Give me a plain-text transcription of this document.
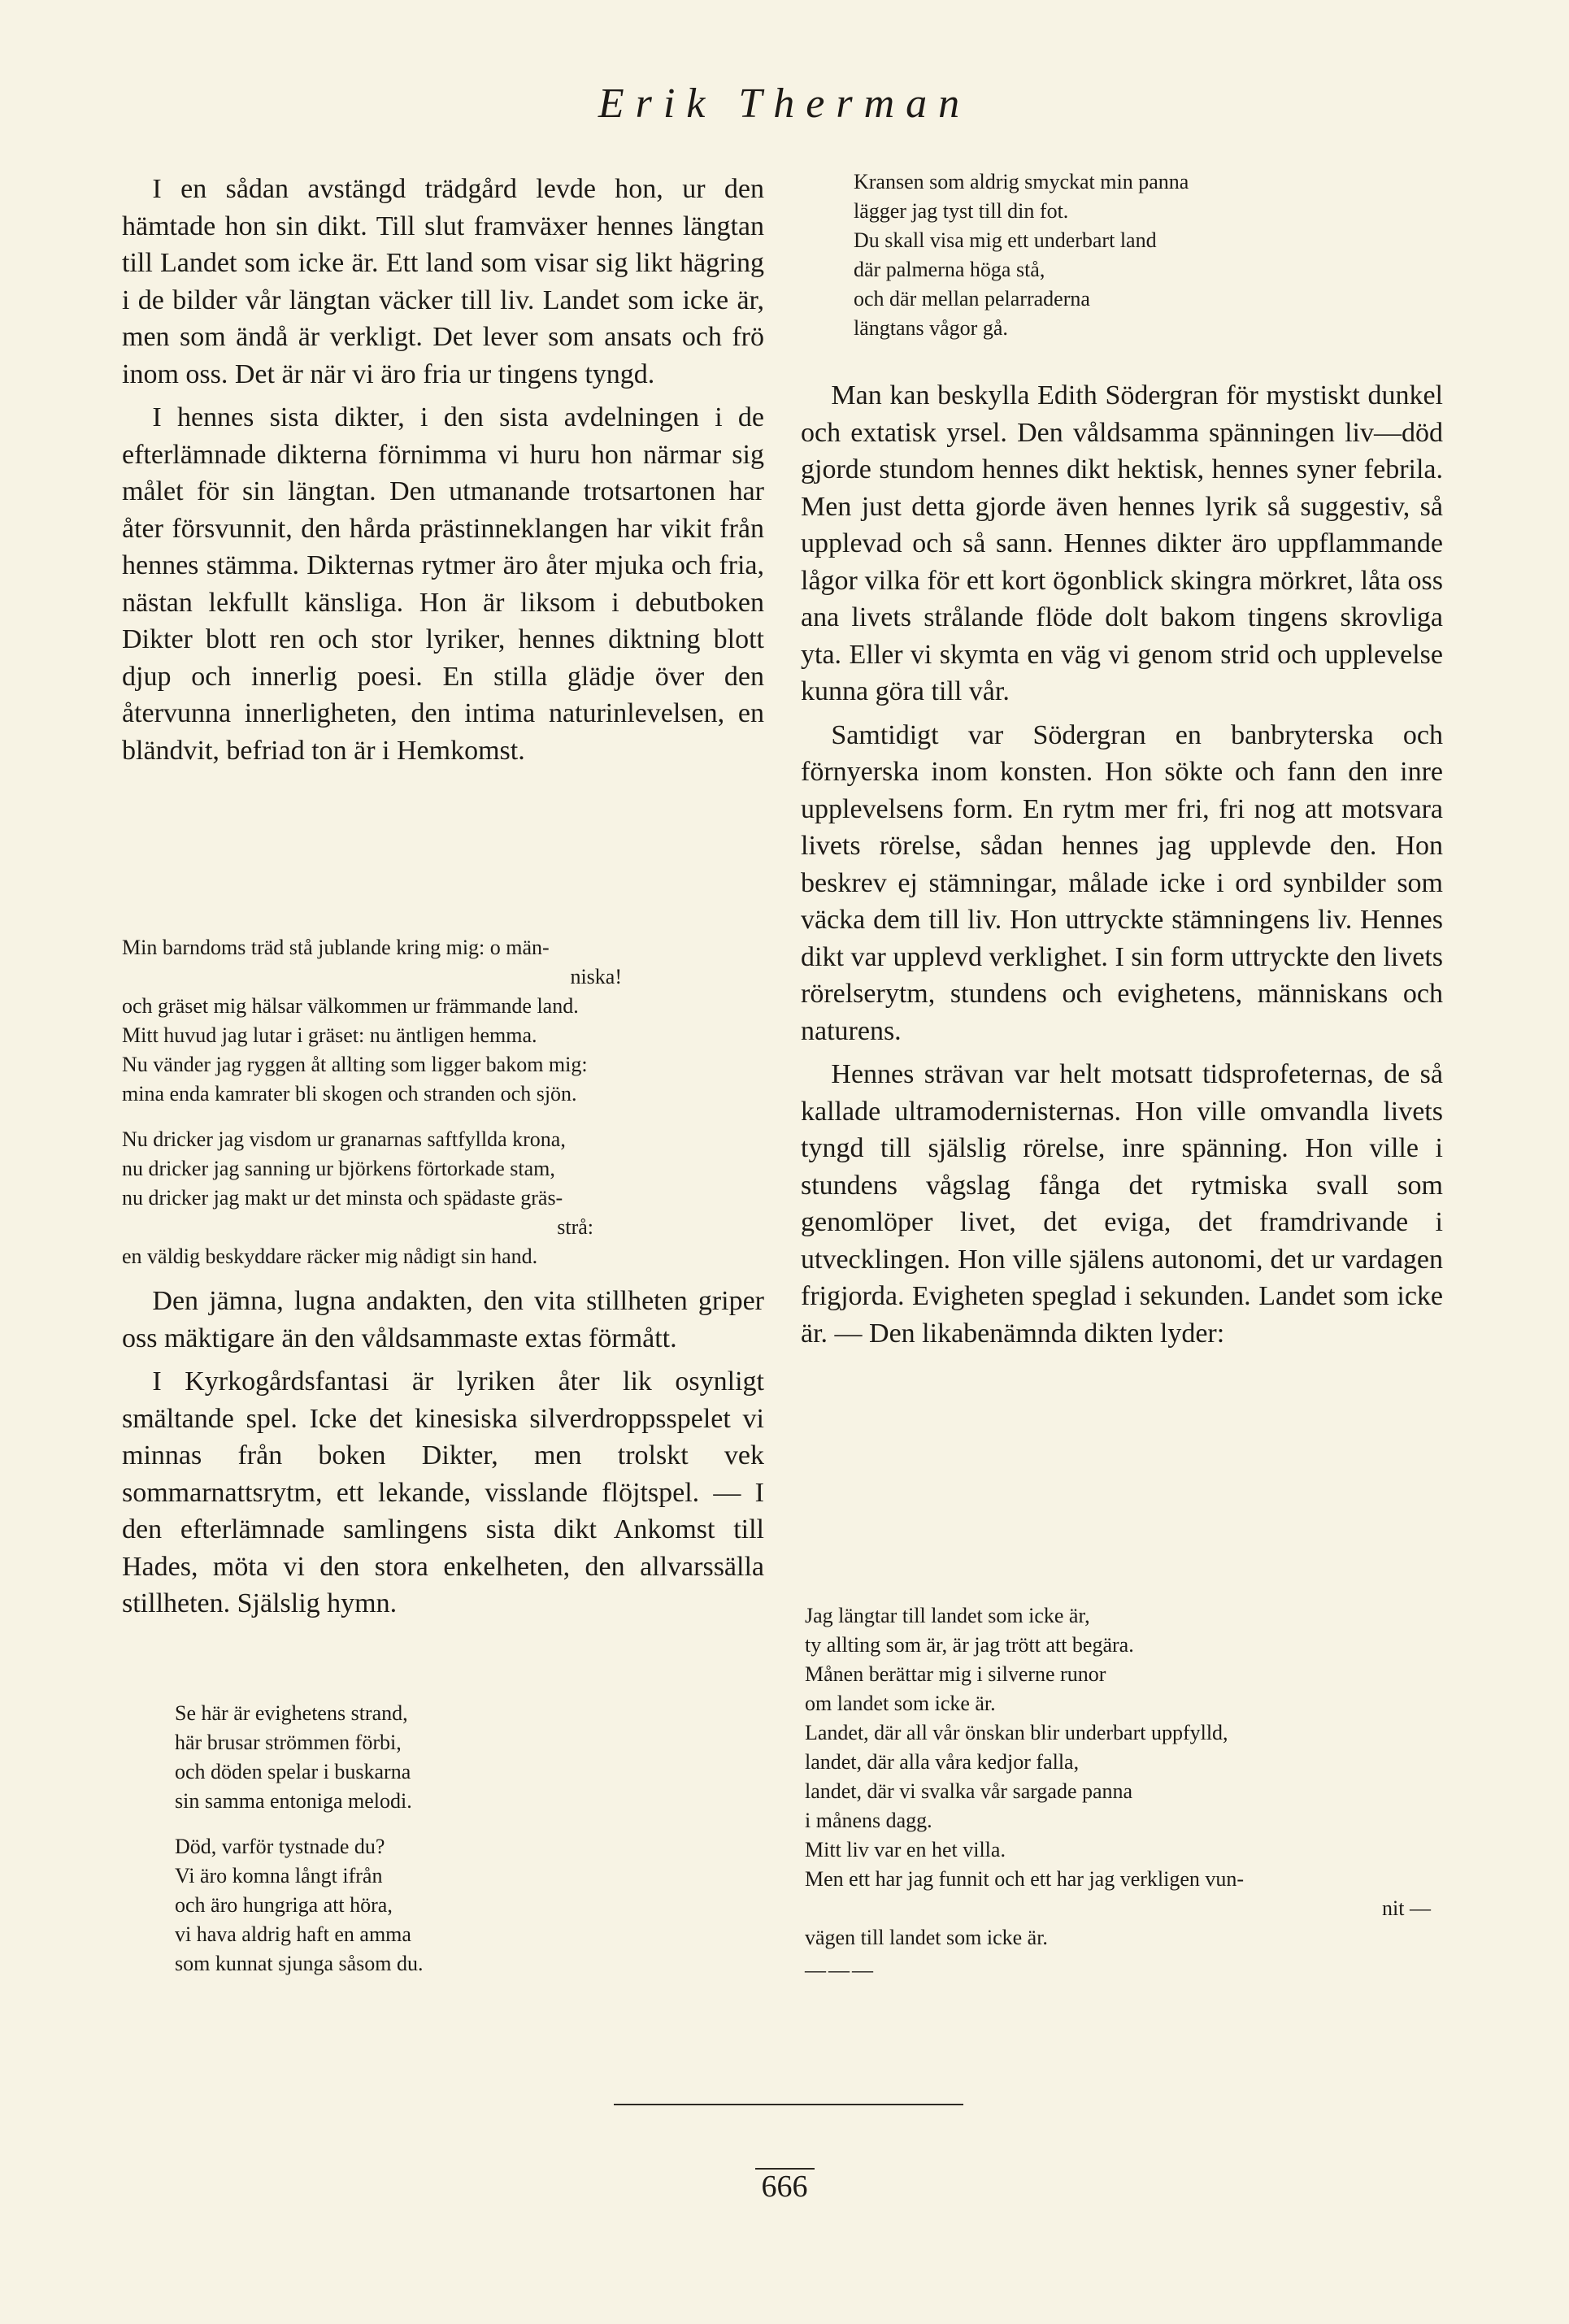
Erik Therman

I en sådan avstängd trädgård levde hon, ur den hämtade hon sin dikt. Till slut framväxer hennes längtan till Landet som icke är. Ett land som visar sig likt hägring i de bilder vår längtan väcker till liv. Landet som icke är, men som ändå är verkligt. Det lever som ansats och frö inom oss. Det är när vi äro fria ur tingens tyngd.

I hennes sista dikter, i den sista avdelningen i de efterlämnade dikterna förnimma vi huru hon närmar sig målet för sin längtan. Den utmanande trotsartonen har åter försvunnit, den hårda prästinneklangen har vikit från hennes stämma. Dikternas rytmer äro åter mjuka och fria, nästan lekfullt känsliga. Hon är liksom i debutboken Dikter blott ren och stor lyriker, hennes diktning blott djup och innerlig poesi. En stilla glädje över den återvunna innerligheten, den intima naturinlevelsen, en bländvit, befriad ton är i Hemkomst.

Min barndoms träd stå jublande kring mig: o män-
niska!
och gräset mig hälsar välkommen ur främmande land.
Mitt huvud jag lutar i gräset: nu äntligen hemma.
Nu vänder jag ryggen åt allting som ligger bakom mig:
mina enda kamrater bli skogen och stranden och sjön.
Nu dricker jag visdom ur granarnas saftfyllda krona,
nu dricker jag sanning ur björkens förtorkade stam,
nu dricker jag makt ur det minsta och spädaste gräs-
strå:
en väldig beskyddare räcker mig nådigt sin hand.

Den jämna, lugna andakten, den vita stillheten griper oss mäktigare än den våldsammaste extas förmått.

I Kyrkogårdsfantasi är lyriken åter lik osynligt smältande spel. Icke det kinesiska silverdroppsspelet vi minnas från boken Dikter, men trolskt vek sommarnattsrytm, ett lekande, visslande flöjtspel. — I den efterlämnade samlingens sista dikt Ankomst till Hades, möta vi den stora enkelheten, den allvarssälla stillheten. Själslig hymn.

Se här är evighetens strand,
här brusar strömmen förbi,
och döden spelar i buskarna
sin samma entoniga melodi.
Död, varför tystnade du?
Vi äro komna långt ifrån
och äro hungriga att höra,
vi hava aldrig haft en amma
som kunnat sjunga såsom du.
Kransen som aldrig smyckat min panna
lägger jag tyst till din fot.
Du skall visa mig ett underbart land
där palmerna höga stå,
och där mellan pelarraderna
längtans vågor gå.

Man kan beskylla Edith Södergran för mystiskt dunkel och extatisk yrsel. Den våldsamma spänningen liv—död gjorde stundom hennes dikt hektisk, hennes syner febrila. Men just detta gjorde även hennes lyrik så suggestiv, så upplevad och så sann. Hennes dikter äro uppflammande lågor vilka för ett kort ögonblick skingra mörkret, låta oss ana livets strålande flöde dolt bakom tingens skrovliga yta. Eller vi skymta en väg vi genom strid och upplevelse kunna göra till vår.

Samtidigt var Södergran en banbryterska och förnyerska inom konsten. Hon sökte och fann den inre upplevelsens form. En rytm mer fri, fri nog att motsvara livets rörelse, sådan hennes jag upplevde den. Hon beskrev ej stämningar, målade icke i ord synbilder som väcka dem till liv. Hon uttryckte stämningens liv. Hennes dikt var upplevd verklighet. I sin form uttryckte den livets rörelserytm, stundens och evighetens, människans och naturens.

Hennes strävan var helt motsatt tidsprofeternas, de så kallade ultramodernisternas. Hon ville omvandla livets tyngd till själslig rörelse, inre spänning. Hon ville i stundens vågslag fånga det rytmiska svall som genomlöper livet, det eviga, det framdrivande i utvecklingen. Hon ville själens autonomi, det ur vardagen frigjorda. Evigheten speglad i sekunden. Landet som icke är. — Den likabenämnda dikten lyder:

Jag längtar till landet som icke är,
ty allting som är, är jag trött att begära.
Månen berättar mig i silverne runor
om landet som icke är.
Landet, där all vår önskan blir underbart uppfylld,
landet, där alla våra kedjor falla,
landet, där vi svalka vår sargade panna
i månens dagg.
Mitt liv var en het villa.
Men ett har jag funnit och ett har jag verkligen vun-
nit —
vägen till landet som icke är.
———
666
